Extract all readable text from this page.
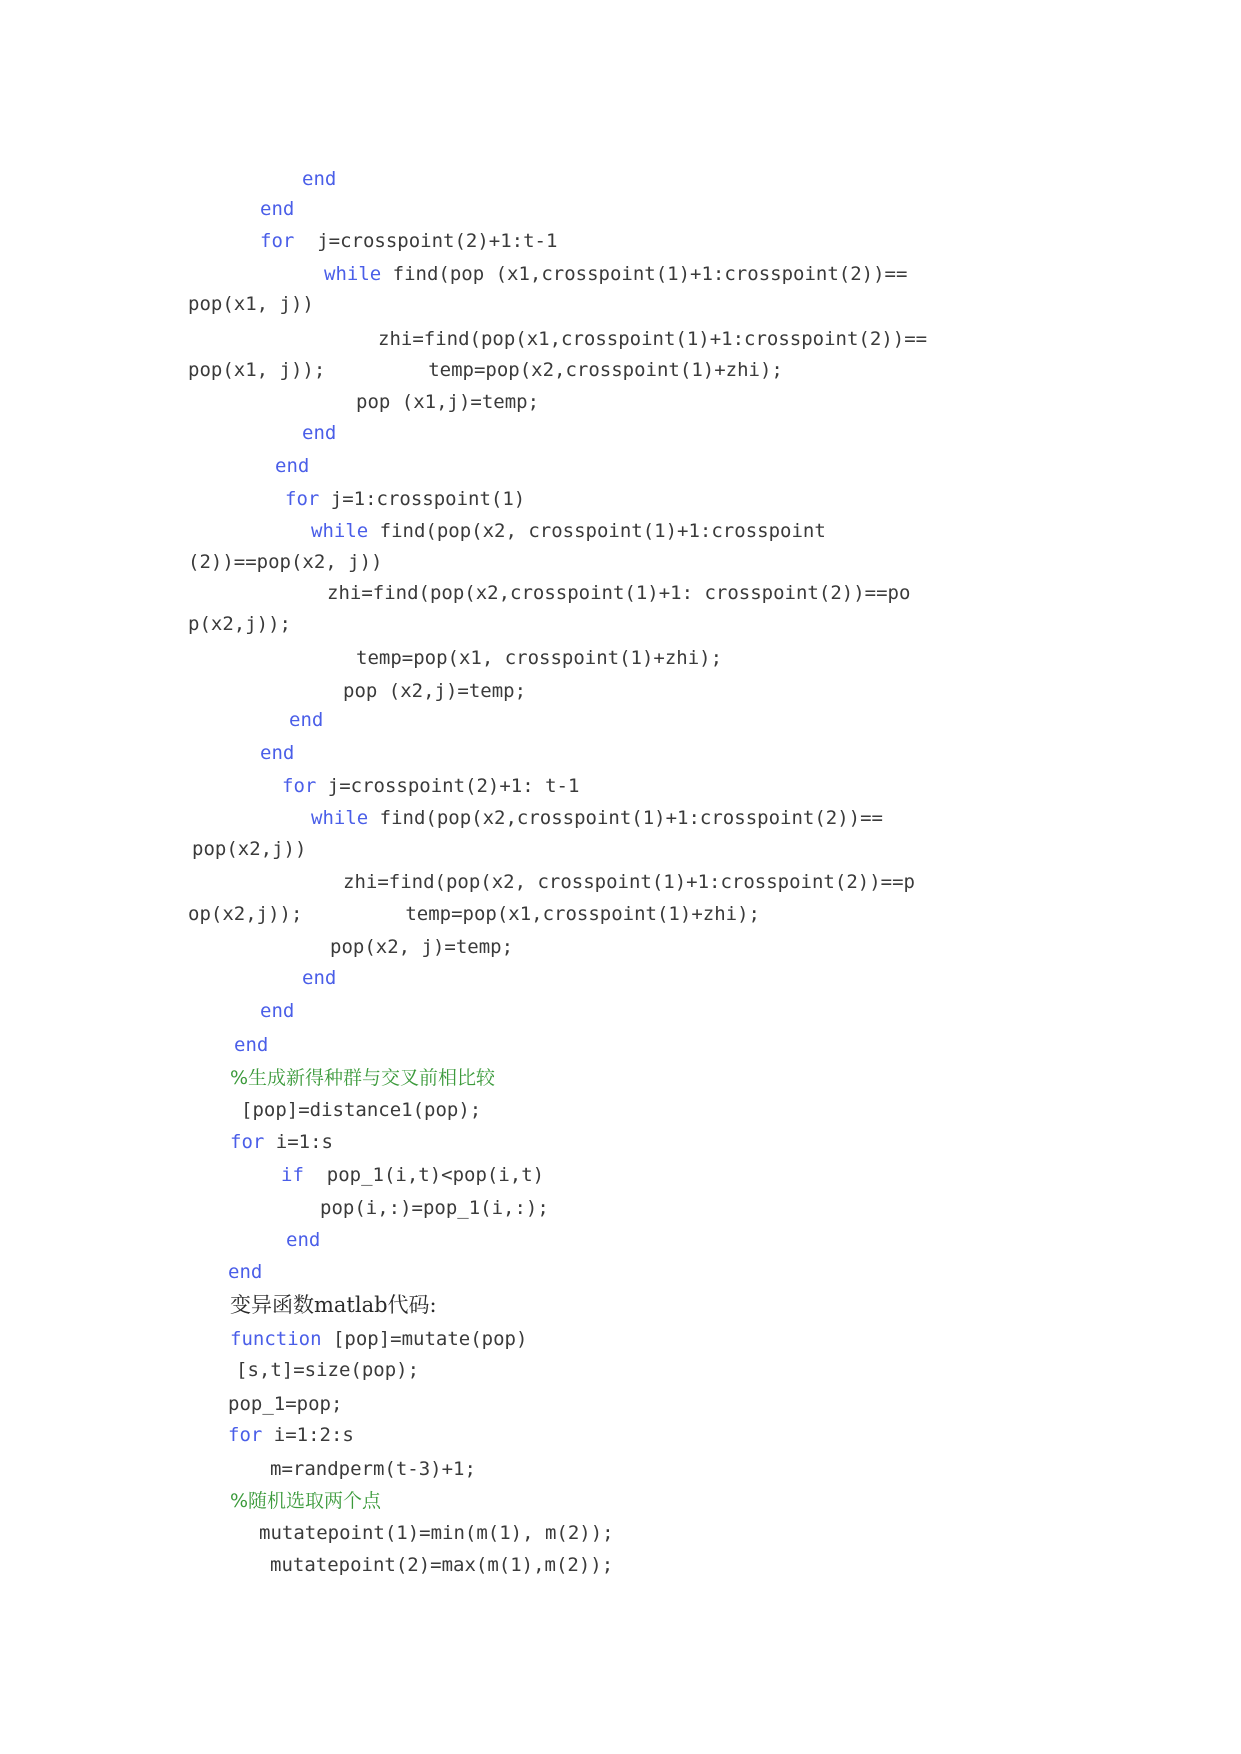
end
end
for  j=crosspoint(2)+1:t-1
while find(pop (x1,crosspoint(1)+1:crosspoint(2))==
pop(x1, j))
zhi=find(pop(x1,crosspoint(1)+1:crosspoint(2))==
pop(x1, j));         temp=pop(x2,crosspoint(1)+zhi);
pop (x1,j)=temp;
end
end
for j=1:crosspoint(1)
while find(pop(x2, crosspoint(1)+1:crosspoint
(2))==pop(x2, j))
zhi=find(pop(x2,crosspoint(1)+1: crosspoint(2))==po
p(x2,j));
temp=pop(x1, crosspoint(1)+zhi);
pop (x2,j)=temp;
end
end
for j=crosspoint(2)+1: t-1
while find(pop(x2,crosspoint(1)+1:crosspoint(2))==
pop(x2,j))
zhi=find(pop(x2, crosspoint(1)+1:crosspoint(2))==p
op(x2,j));         temp=pop(x1,crosspoint(1)+zhi);
pop(x2, j)=temp;
end
end
end
%生成新得种群与交叉前相比较
[pop]=distance1(pop);
for i=1:s
if  pop_1(i,t)<pop(i,t)
pop(i,:)=pop_1(i,:);
end
end
变异函数matlab代码:
function [pop]=mutate(pop)
[s,t]=size(pop);
pop_1=pop;
for i=1:2:s
m=randperm(t-3)+1;
%随机选取两个点
mutatepoint(1)=min(m(1), m(2));
mutatepoint(2)=max(m(1),m(2));
